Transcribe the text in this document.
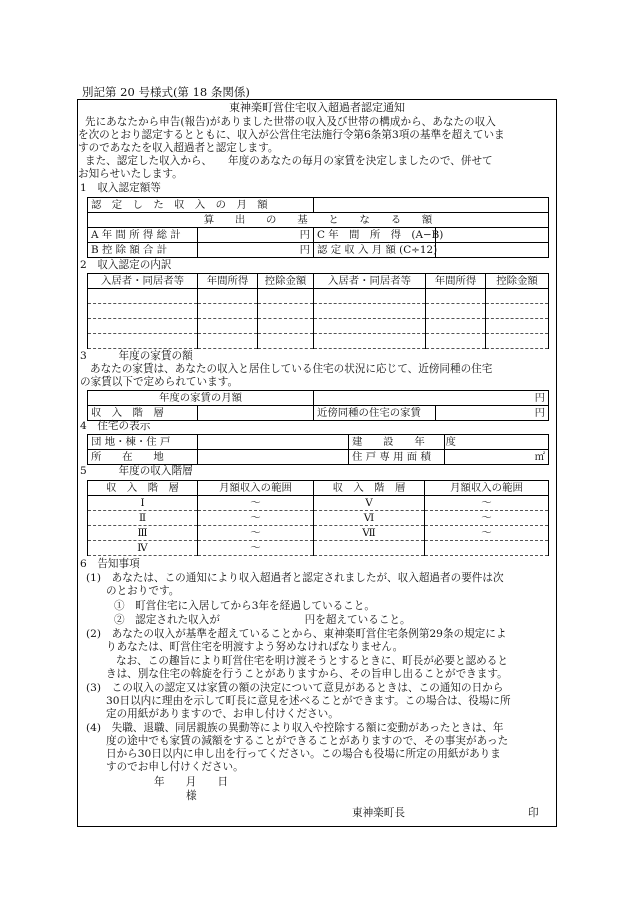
別記第 20 号様式(第 18 条関係)
東神楽町営住宅収入超過者認定通知
先にあなたから申告(報告)がありました世帯の収入及び世帯の構成から、あなたの収入
を次のとおり認定するとともに、収入が公営住宅法施行令第6条第3項の基準を超えていま
すのであなたを収入超過者と認定します。
また、認定した収入から、　　年度のあなたの毎月の家賃を決定しましたので、併せて
お知らせいたします。
1　収入認定額等
認　定　し　た　収　入　の　月　額			
算　　出　　の　　基　　と　　な　　る　　額			
A 年 間 所 得 総 計	円	C 年　間　所　得　(A−B)	
B 控 除 額 合 計	円	認 定 収 入 月 額 (C÷12)	
2　収入認定の内訳
入居者・同居者等	年間所得	控除金額	入居者・同居者等	年間所得	控除金額

3　　　年度の家賃の額
あなたの家賃は、あなたの収入と居住している住宅の状況に応じて、近傍同種の住宅
の家賃以下で定められています。
年度の家賃の月額		円	
収　入　階　層		近傍同種の住宅の家賃	円
4　住宅の表示
団 地・棟・住 戸		建　　設　　年　　度	
所　　在　　地		住 戸 専 用 面 積	㎡
5　　　年度の収入階層
収　入　階　層	月額収入の範囲	収　入　階　層	月額収入の範囲
Ⅰ	〜	Ⅴ	〜
Ⅱ	〜	Ⅵ	〜
Ⅲ	〜	Ⅶ	〜
Ⅳ	〜		
6　告知事項
(1)　あなたは、この通知により収入超過者と認定されましたが、収入超過者の要件は次
のとおりです。
①　町営住宅に入居してから3年を経過していること。
②　認定された収入が　　　　　　　　円を超えていること。
(2)　あなたの収入が基準を超えていることから、東神楽町営住宅条例第29条の規定によ
りあなたは、町営住宅を明渡すよう努めなければなりません。
なお、この趣旨により町営住宅を明け渡そうとするときに、町長が必要と認めると
きは、別な住宅の斡旋を行うことがありますから、その旨申し出ることができます。
(3)　この収入の認定又は家賃の額の決定について意見があるときは、この通知の日から
30日以内に理由を示して町長に意見を述べることができます。この場合は、役場に所
定の用紙がありますので、お申し付けください。
(4)　失職、退職、同居親族の異動等により収入や控除する額に変動があったときは、年
度の途中でも家賃の減額をすることができることがありますので、その事実があった
日から30日以内に申し出を行ってください。この場合も役場に所定の用紙がありま
すのでお申し付けください。
年　　月　　日
様
東神楽町長	印
